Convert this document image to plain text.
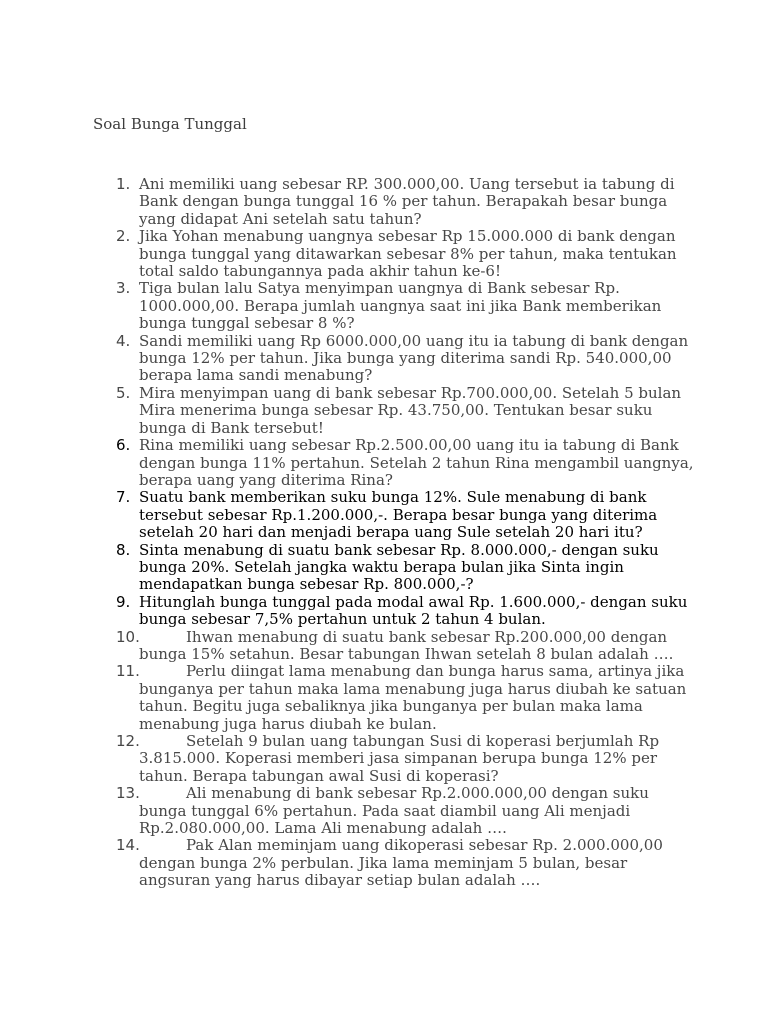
Soal Bunga Tunggal
1. Ani memiliki uang sebesar RP. 300.000,00. Uang tersebut ia tabung di Bank dengan bunga tunggal 16 % per tahun. Berapakah besar bunga yang didapat Ani setelah satu tahun?
2. Jika Yohan menabung uangnya sebesar Rp 15.000.000 di bank dengan bunga tunggal yang ditawarkan sebesar 8% per tahun, maka tentukan total saldo tabungannya pada akhir tahun ke-6!
3. Tiga bulan lalu Satya menyimpan uangnya di Bank sebesar Rp. 1000.000,00. Berapa jumlah uangnya saat ini jika Bank memberikan bunga tunggal sebesar 8 %?
4. Sandi memiliki uang Rp 6000.000,00 uang itu ia tabung di bank dengan bunga 12% per tahun. Jika bunga yang diterima sandi Rp. 540.000,00 berapa lama sandi menabung?
5. Mira menyimpan uang di bank sebesar Rp.700.000,00. Setelah 5 bulan Mira menerima bunga sebesar Rp. 43.750,00. Tentukan besar suku bunga di Bank tersebut!
6. Rina memiliki uang sebesar Rp.2.500.00,00 uang itu ia tabung di Bank dengan bunga 11% pertahun. Setelah 2 tahun Rina mengambil uangnya, berapa uang yang diterima Rina?
7. Suatu bank memberikan suku bunga 12%. Sule menabung di bank tersebut sebesar Rp.1.200.000,-. Berapa besar bunga yang diterima setelah 20 hari dan menjadi berapa uang Sule setelah 20 hari itu?
8. Sinta menabung di suatu bank sebesar Rp. 8.000.000,- dengan suku bunga 20%. Setelah jangka waktu berapa bulan jika Sinta ingin mendapatkan bunga sebesar Rp. 800.000,-?
9. Hitunglah bunga tunggal pada modal awal Rp. 1.600.000,- dengan suku bunga sebesar 7,5% pertahun untuk 2 tahun 4 bulan.
10.	Ihwan menabung di suatu bank sebesar Rp.200.000,00 dengan bunga 15% setahun. Besar tabungan Ihwan setelah 8 bulan adalah ….
11.	Perlu diingat lama menabung dan bunga harus sama, artinya jika bunganya per tahun maka lama menabung juga harus diubah ke satuan tahun. Begitu juga sebaliknya jika bunganya per bulan maka lama menabung juga harus diubah ke bulan.
12.	Setelah 9 bulan uang tabungan Susi di koperasi berjumlah Rp 3.815.000. Koperasi memberi jasa simpanan berupa bunga 12% per tahun. Berapa tabungan awal Susi di koperasi?
13.	Ali menabung di bank sebesar Rp.2.000.000,00 dengan suku bunga tunggal 6% pertahun. Pada saat diambil uang Ali menjadi Rp.2.080.000,00. Lama Ali menabung adalah ….
14.	Pak Alan meminjam uang dikoperasi sebesar Rp. 2.000.000,00 dengan bunga 2% perbulan. Jika lama meminjam 5 bulan, besar angsuran yang harus dibayar setiap bulan adalah ….
